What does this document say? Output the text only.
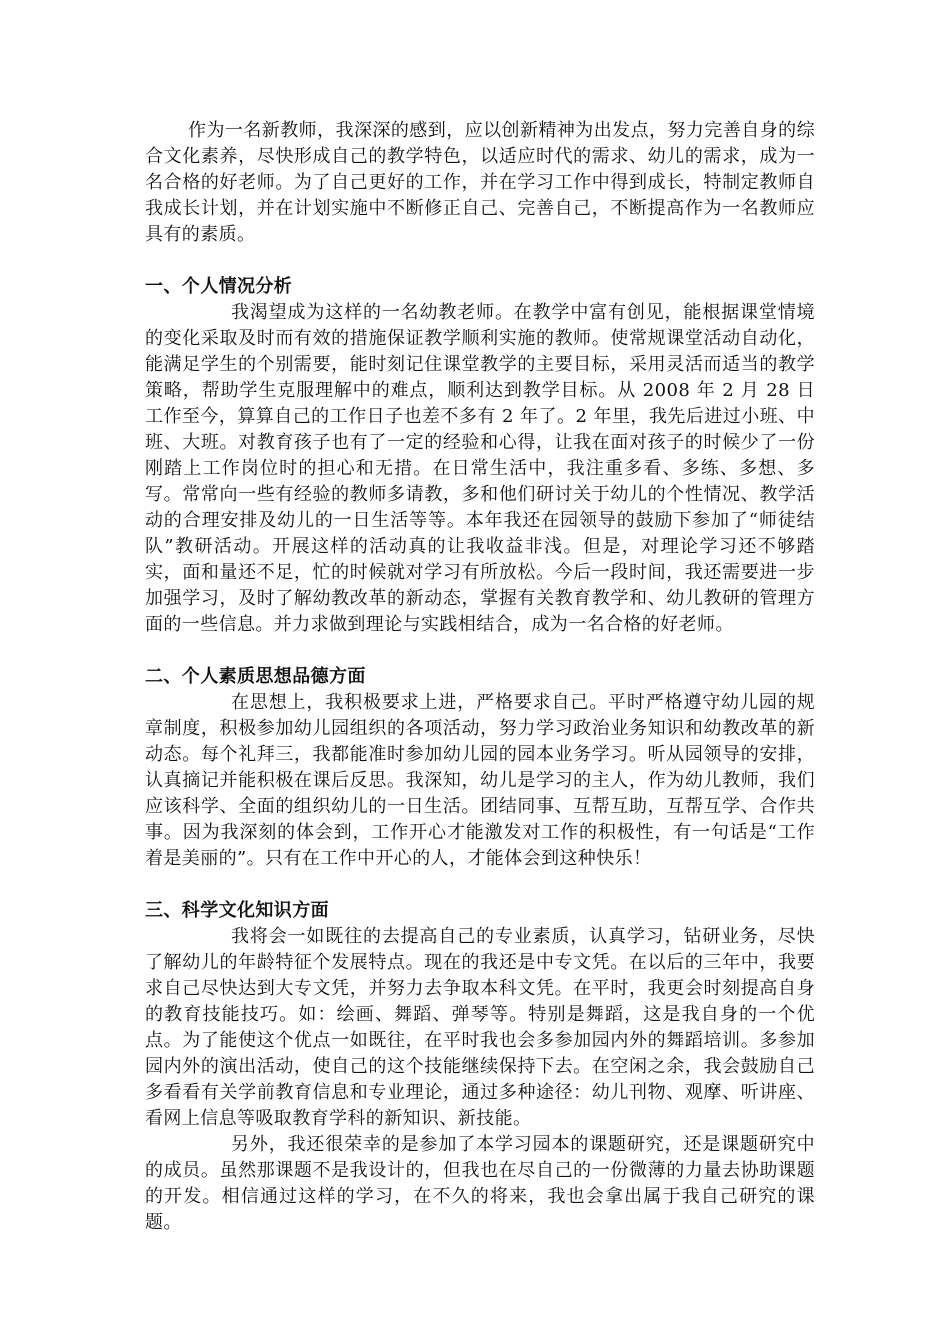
作为一名新教师，我深深的感到，应以创新精神为出发点，努力完善自身的综合文化素养，尽快形成自己的教学特色，以适应时代的需求、幼儿的需求，成为一名合格的好老师。为了自己更好的工作，并在学习工作中得到成长，特制定教师自我成长计划，并在计划实施中不断修正自己、完善自己，不断提高作为一名教师应具有的素质。

一、个人情况分析

我渴望成为这样的一名幼教老师。在教学中富有创见，能根据课堂情境的变化采取及时而有效的措施保证教学顺利实施的教师。使常规课堂活动自动化，能满足学生的个别需要，能时刻记住课堂教学的主要目标，采用灵活而适当的教学策略，帮助学生克服理解中的难点，顺利达到教学目标。从 2008 年 2 月 28 日工作至今，算算自己的工作日子也差不多有 2 年了。2 年里，我先后进过小班、中班、大班。对教育孩子也有了一定的经验和心得，让我在面对孩子的时候少了一份刚踏上工作岗位时的担心和无措。在日常生活中，我注重多看、多练、多想、多写。常常向一些有经验的教师多请教，多和他们研讨关于幼儿的个性情况、教学活动的合理安排及幼儿的一日生活等等。本年我还在园领导的鼓励下参加了“师徒结队”教研活动。开展这样的活动真的让我收益非浅。但是，对理论学习还不够踏实，面和量还不足，忙的时候就对学习有所放松。今后一段时间，我还需要进一步加强学习，及时了解幼教改革的新动态，掌握有关教育教学和、幼儿教研的管理方面的一些信息。并力求做到理论与实践相结合，成为一名合格的好老师。

二、个人素质思想品德方面

在思想上，我积极要求上进，严格要求自己。平时严格遵守幼儿园的规章制度，积极参加幼儿园组织的各项活动，努力学习政治业务知识和幼教改革的新动态。每个礼拜三，我都能准时参加幼儿园的园本业务学习。听从园领导的安排，认真摘记并能积极在课后反思。我深知，幼儿是学习的主人，作为幼儿教师，我们应该科学、全面的组织幼儿的一日生活。团结同事、互帮互助，互帮互学、合作共事。因为我深刻的体会到，工作开心才能激发对工作的积极性，有一句话是“工作着是美丽的”。只有在工作中开心的人，才能体会到这种快乐！

三、科学文化知识方面

我将会一如既往的去提高自己的专业素质，认真学习，钻研业务，尽快了解幼儿的年龄特征个发展特点。现在的我还是中专文凭。在以后的三年中，我要求自己尽快达到大专文凭，并努力去争取本科文凭。在平时，我更会时刻提高自身的教育技能技巧。如：绘画、舞蹈、弹琴等。特别是舞蹈，这是我自身的一个优点。为了能使这个优点一如既往，在平时我也会多参加园内外的舞蹈培训。多参加园内外的演出活动，使自己的这个技能继续保持下去。在空闲之余，我会鼓励自己多看看有关学前教育信息和专业理论，通过多种途径：幼儿刊物、观摩、听讲座、看网上信息等吸取教育学科的新知识、新技能。

另外，我还很荣幸的是参加了本学习园本的课题研究，还是课题研究中的成员。虽然那课题不是我设计的，但我也在尽自己的一份微薄的力量去协助课题的开发。相信通过这样的学习，在不久的将来，我也会拿出属于我自己研究的课题。
